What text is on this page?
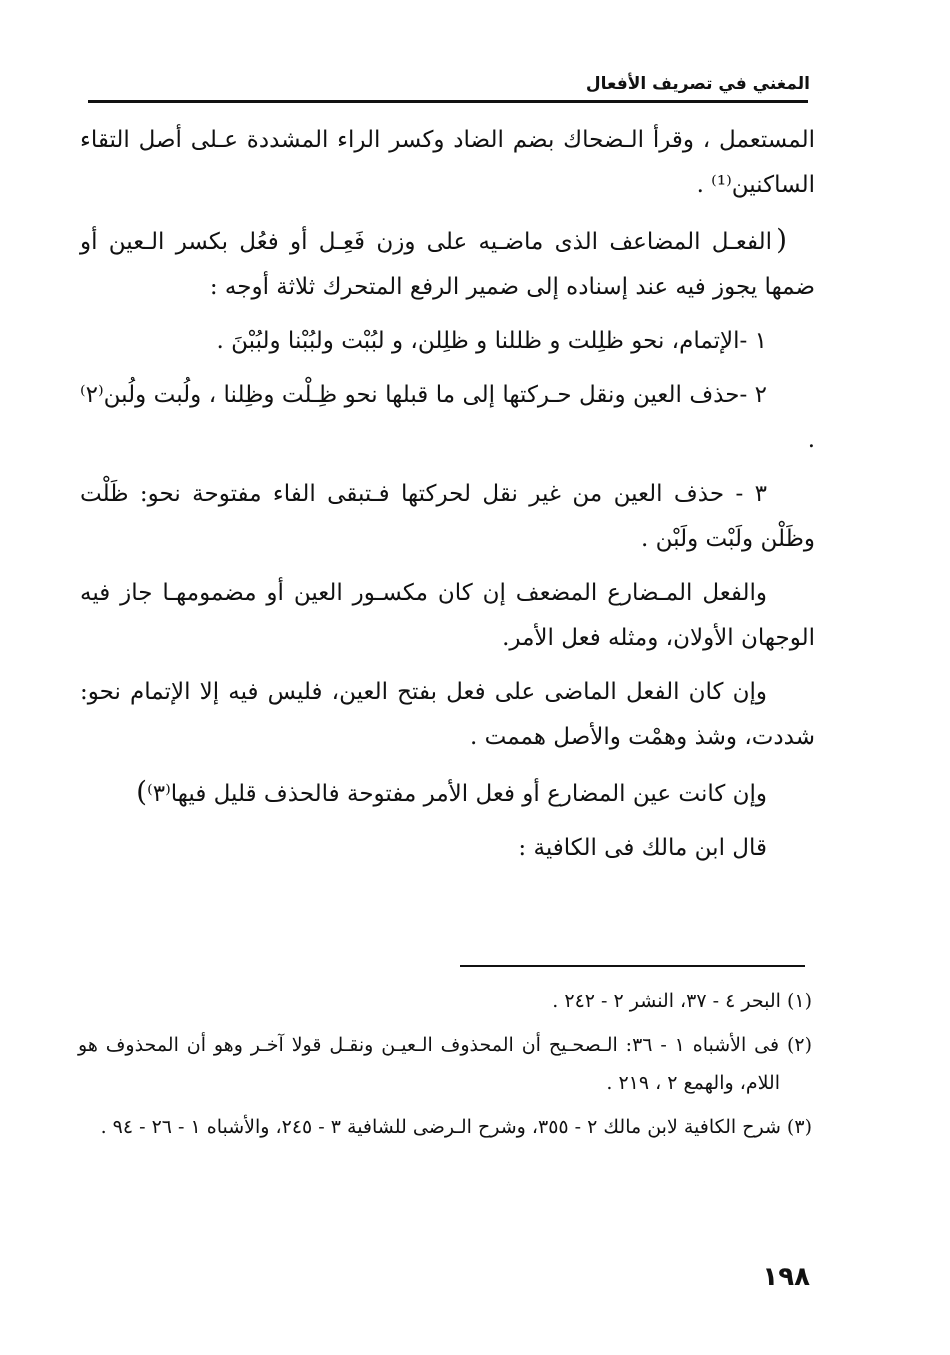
المغني في تصريف الأفعال

المستعمل ، وقرأ الـضحاك بضم الضاد وكسر الراء المشددة عـلى أصل التقاء الساكنين⁽¹⁾ .

(الفعـل المضاعف الذى ماضـيه على وزن فَعِـل أو فعُل بكسر الـعين أو ضمها يجوز فيه عند إسناده إلى ضمير الرفع المتحرك ثلاثة أوجه :

١ -الإتمام، نحو ظلِلت و ظللنا و ظلِلن، و لبُبْت ولبُبْنا ولبُبْنَ .

٢ -حذف العين ونقل حـركتها إلى ما قبلها نحو ظِـلْت وظِلنا ، ولُبت ولُبن⁽٢⁾ .

٣ - حذف العين من غير نقل لحركتها فـتبقى الفاء مفتوحة نحو: ظَلْت وظَلْن ولَبْت ولَبْن .

والفعل المـضارع المضعف إن كان مكسـور العين أو مضمومهـا جاز فيه الوجهان الأولان، ومثله فعل الأمر.

وإن كان الفعل الماضى على فعل بفتح العين، فليس فيه إلا الإتمام نحو: شددت، وشذ وهمْت والأصل هممت .

وإن كانت عين المضارع أو فعل الأمر مفتوحة فالحذف قليل فيها⁽٣⁾)

قال ابن مالك فى الكافية :

(١) البحر ٤ - ٣٧، النشر ٢ - ٢٤٢ .

(٢) فى الأشباه ١ - ٣٦: الـصحـيح أن المحذوف الـعيـن ونقـل قولا آخـر وهو أن المحذوف هو اللام، والهمع ٢ ، ٢١٩ .

(٣) شرح الكافية لابن مالك ٢ - ٣٥٥، وشرح الـرضى للشافية ٣ - ٢٤٥، والأشباه ١ - ٢٦ - ٩٤ .

١٩٨
